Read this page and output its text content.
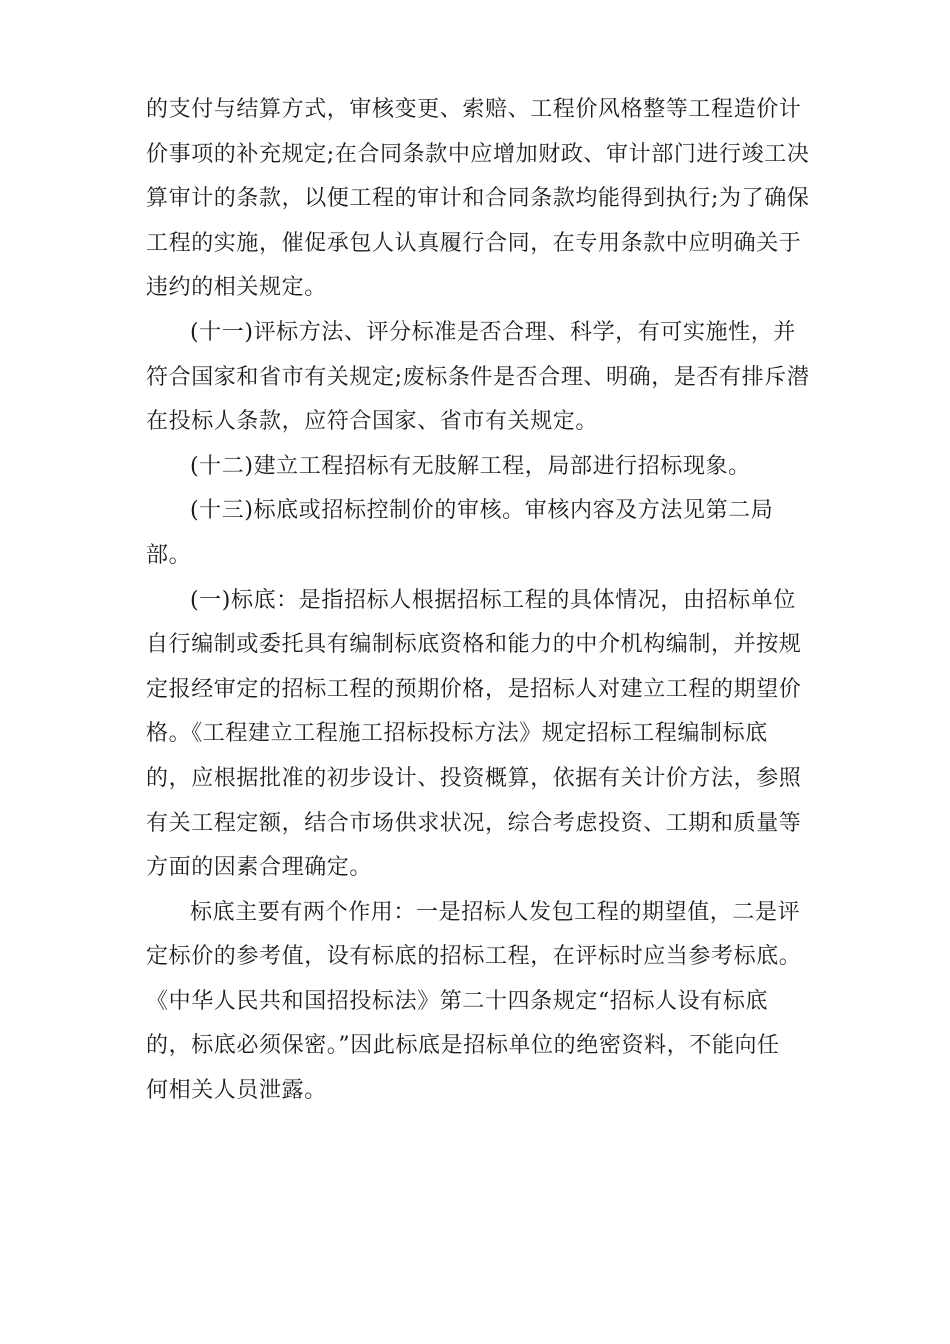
的支付与结算方式，审核变更、索赔、工程价风格整等工程造价计
价事项的补充规定;在合同条款中应增加财政、审计部门进行竣工决
算审计的条款，以便工程的审计和合同条款均能得到执行;为了确保
工程的实施，催促承包人认真履行合同，在专用条款中应明确关于
违约的相关规定。
(十一)评标方法、评分标准是否合理、科学，有可实施性，并
符合国家和省市有关规定;废标条件是否合理、明确，是否有排斥潜
在投标人条款，应符合国家、省市有关规定。
(十二)建立工程招标有无肢解工程，局部进行招标现象。
(十三)标底或招标控制价的审核。审核内容及方法见第二局
部。
(一)标底：是指招标人根据招标工程的具体情况，由招标单位
自行编制或委托具有编制标底资格和能力的中介机构编制，并按规
定报经审定的招标工程的预期价格，是招标人对建立工程的期望价
格。《工程建立工程施工招标投标方法》规定招标工程编制标底
的，应根据批准的初步设计、投资概算，依据有关计价方法，参照
有关工程定额，结合市场供求状况，综合考虑投资、工期和质量等
方面的因素合理确定。
标底主要有两个作用：一是招标人发包工程的期望值，二是评
定标价的参考值，设有标底的招标工程，在评标时应当参考标底。
《中华人民共和国招投标法》第二十四条规定“招标人设有标底
的，标底必须保密。”因此标底是招标单位的绝密资料，不能向任
何相关人员泄露。
